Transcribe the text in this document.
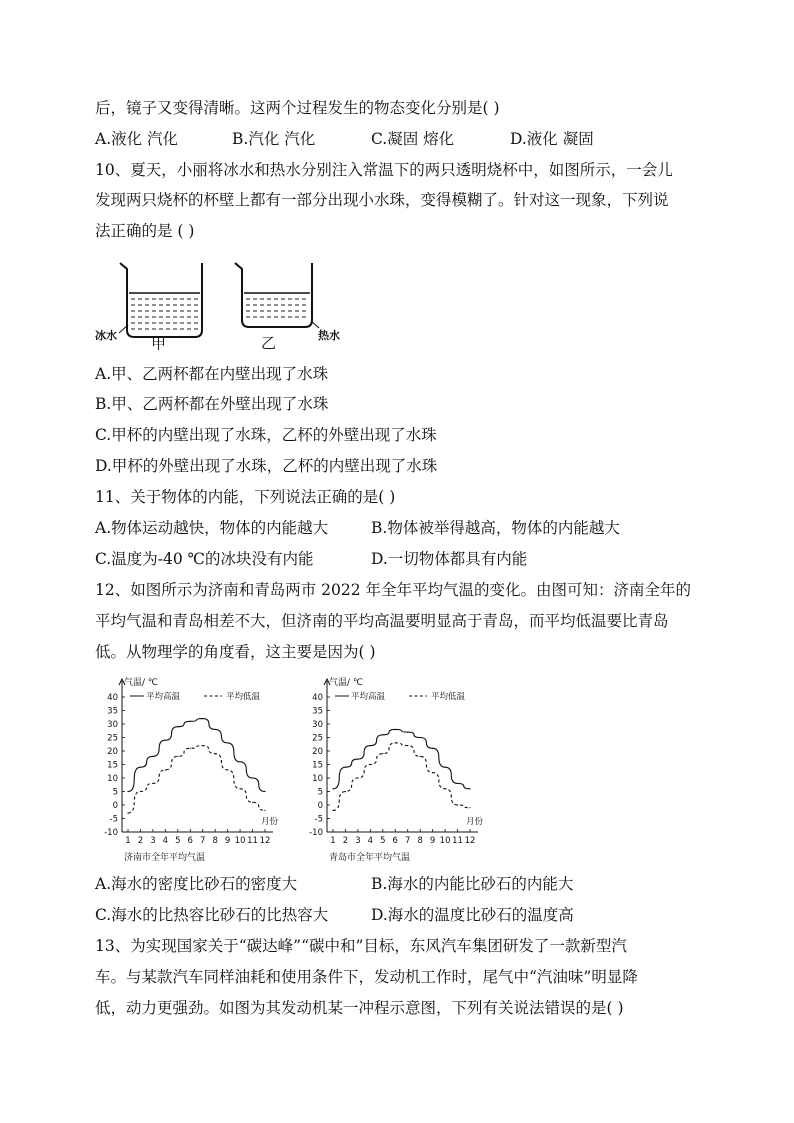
后，镜子又变得清晰。这两个过程发生的物态变化分别是( )
A.液化 汽化	B.汽化 汽化	C.凝固 熔化	D.液化 凝固
10、夏天，小丽将冰水和热水分别注入常温下的两只透明烧杯中，如图所示，一会儿
发现两只烧杯的杯壁上都有一部分出现小水珠，变得模糊了。针对这一现象，下列说
法正确的是 ( )
冰水 甲	乙	热水
A.甲、乙两杯都在内壁出现了水珠
B.甲、乙两杯都在外壁出现了水珠
C.甲杯的内壁出现了水珠，乙杯的外壁出现了水珠
D.甲杯的外壁出现了水珠，乙杯的内壁出现了水珠
11、关于物体的内能，下列说法正确的是( )
A.物体运动越快，物体的内能越大	B.物体被举得越高，物体的内能越大
C.温度为-40 ℃的冰块没有内能	D.一切物体都具有内能
12、如图所示为济南和青岛两市 2022 年全年平均气温的变化。由图可知：济南全年的
平均气温和青岛相差不大，但济南的平均高温要明显高于青岛，而平均低温要比青岛
低。从物理学的角度看，这主要是因为( )
气温/ ℃
-10
-5
0
5
10
15
20
25
30
35
40
1 2 3 4 5 6 7 8 9 10 11 12
月份
平均高温	平均低温
济南市全年平均气温
气温/ ℃
-10
-5
0
5
10
15
20
25
30
35
40
1 2 3 4 5 6 7 8 9 10 11 12
月份
平均高温	平均低温
青岛市全年平均气温
A.海水的密度比砂石的密度大	B.海水的内能比砂石的内能大
C.海水的比热容比砂石的比热容大	D.海水的温度比砂石的温度高
13、为实现国家关于“碳达峰”“碳中和”目标，东风汽车集团研发了一款新型汽
车。与某款汽车同样油耗和使用条件下，发动机工作时，尾气中“汽油味”明显降
低，动力更强劲。如图为其发动机某一冲程示意图，下列有关说法错误的是( )
